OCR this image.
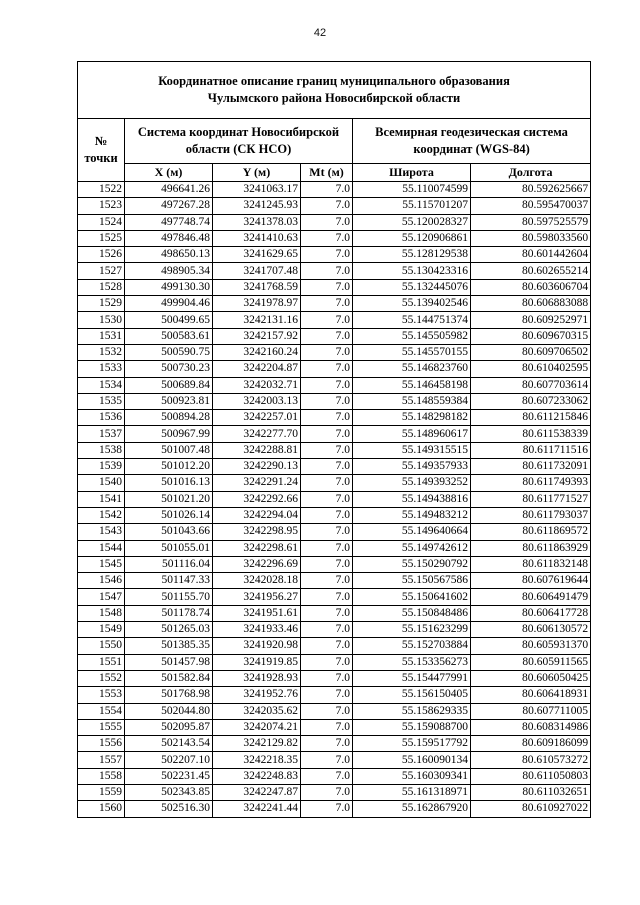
42
Координатное описание границ муниципального образования
Чулымского района Новосибирской области					

№ точки	Система координат Новосибирской области (СК НСО)			Всемирная геодезическая система координат (WGS-84)	
	X (м)	Y (м)	Mt (м)	Широта	Долгота
1522	496641.26	3241063.17	7.0	55.110074599	80.592625667
1523	497267.28	3241245.93	7.0	55.115701207	80.595470037
1524	497748.74	3241378.03	7.0	55.120028327	80.597525579
1525	497846.48	3241410.63	7.0	55.120906861	80.598033560
1526	498650.13	3241629.65	7.0	55.128129538	80.601442604
1527	498905.34	3241707.48	7.0	55.130423316	80.602655214
1528	499130.30	3241768.59	7.0	55.132445076	80.603606704
1529	499904.46	3241978.97	7.0	55.139402546	80.606883088
1530	500499.65	3242131.16	7.0	55.144751374	80.609252971
1531	500583.61	3242157.92	7.0	55.145505982	80.609670315
1532	500590.75	3242160.24	7.0	55.145570155	80.609706502
1533	500730.23	3242204.87	7.0	55.146823760	80.610402595
1534	500689.84	3242032.71	7.0	55.146458198	80.607703614
1535	500923.81	3242003.13	7.0	55.148559384	80.607233062
1536	500894.28	3242257.01	7.0	55.148298182	80.611215846
1537	500967.99	3242277.70	7.0	55.148960617	80.611538339
1538	501007.48	3242288.81	7.0	55.149315515	80.611711516
1539	501012.20	3242290.13	7.0	55.149357933	80.611732091
1540	501016.13	3242291.24	7.0	55.149393252	80.611749393
1541	501021.20	3242292.66	7.0	55.149438816	80.611771527
1542	501026.14	3242294.04	7.0	55.149483212	80.611793037
1543	501043.66	3242298.95	7.0	55.149640664	80.611869572
1544	501055.01	3242298.61	7.0	55.149742612	80.611863929
1545	501116.04	3242296.69	7.0	55.150290792	80.611832148
1546	501147.33	3242028.18	7.0	55.150567586	80.607619644
1547	501155.70	3241956.27	7.0	55.150641602	80.606491479
1548	501178.74	3241951.61	7.0	55.150848486	80.606417728
1549	501265.03	3241933.46	7.0	55.151623299	80.606130572
1550	501385.35	3241920.98	7.0	55.152703884	80.605931370
1551	501457.98	3241919.85	7.0	55.153356273	80.605911565
1552	501582.84	3241928.93	7.0	55.154477991	80.606050425
1553	501768.98	3241952.76	7.0	55.156150405	80.606418931
1554	502044.80	3242035.62	7.0	55.158629335	80.607711005
1555	502095.87	3242074.21	7.0	55.159088700	80.608314986
1556	502143.54	3242129.82	7.0	55.159517792	80.609186099
1557	502207.10	3242218.35	7.0	55.160090134	80.610573272
1558	502231.45	3242248.83	7.0	55.160309341	80.611050803
1559	502343.85	3242247.87	7.0	55.161318971	80.611032651
1560	502516.30	3242241.44	7.0	55.162867920	80.610927022
